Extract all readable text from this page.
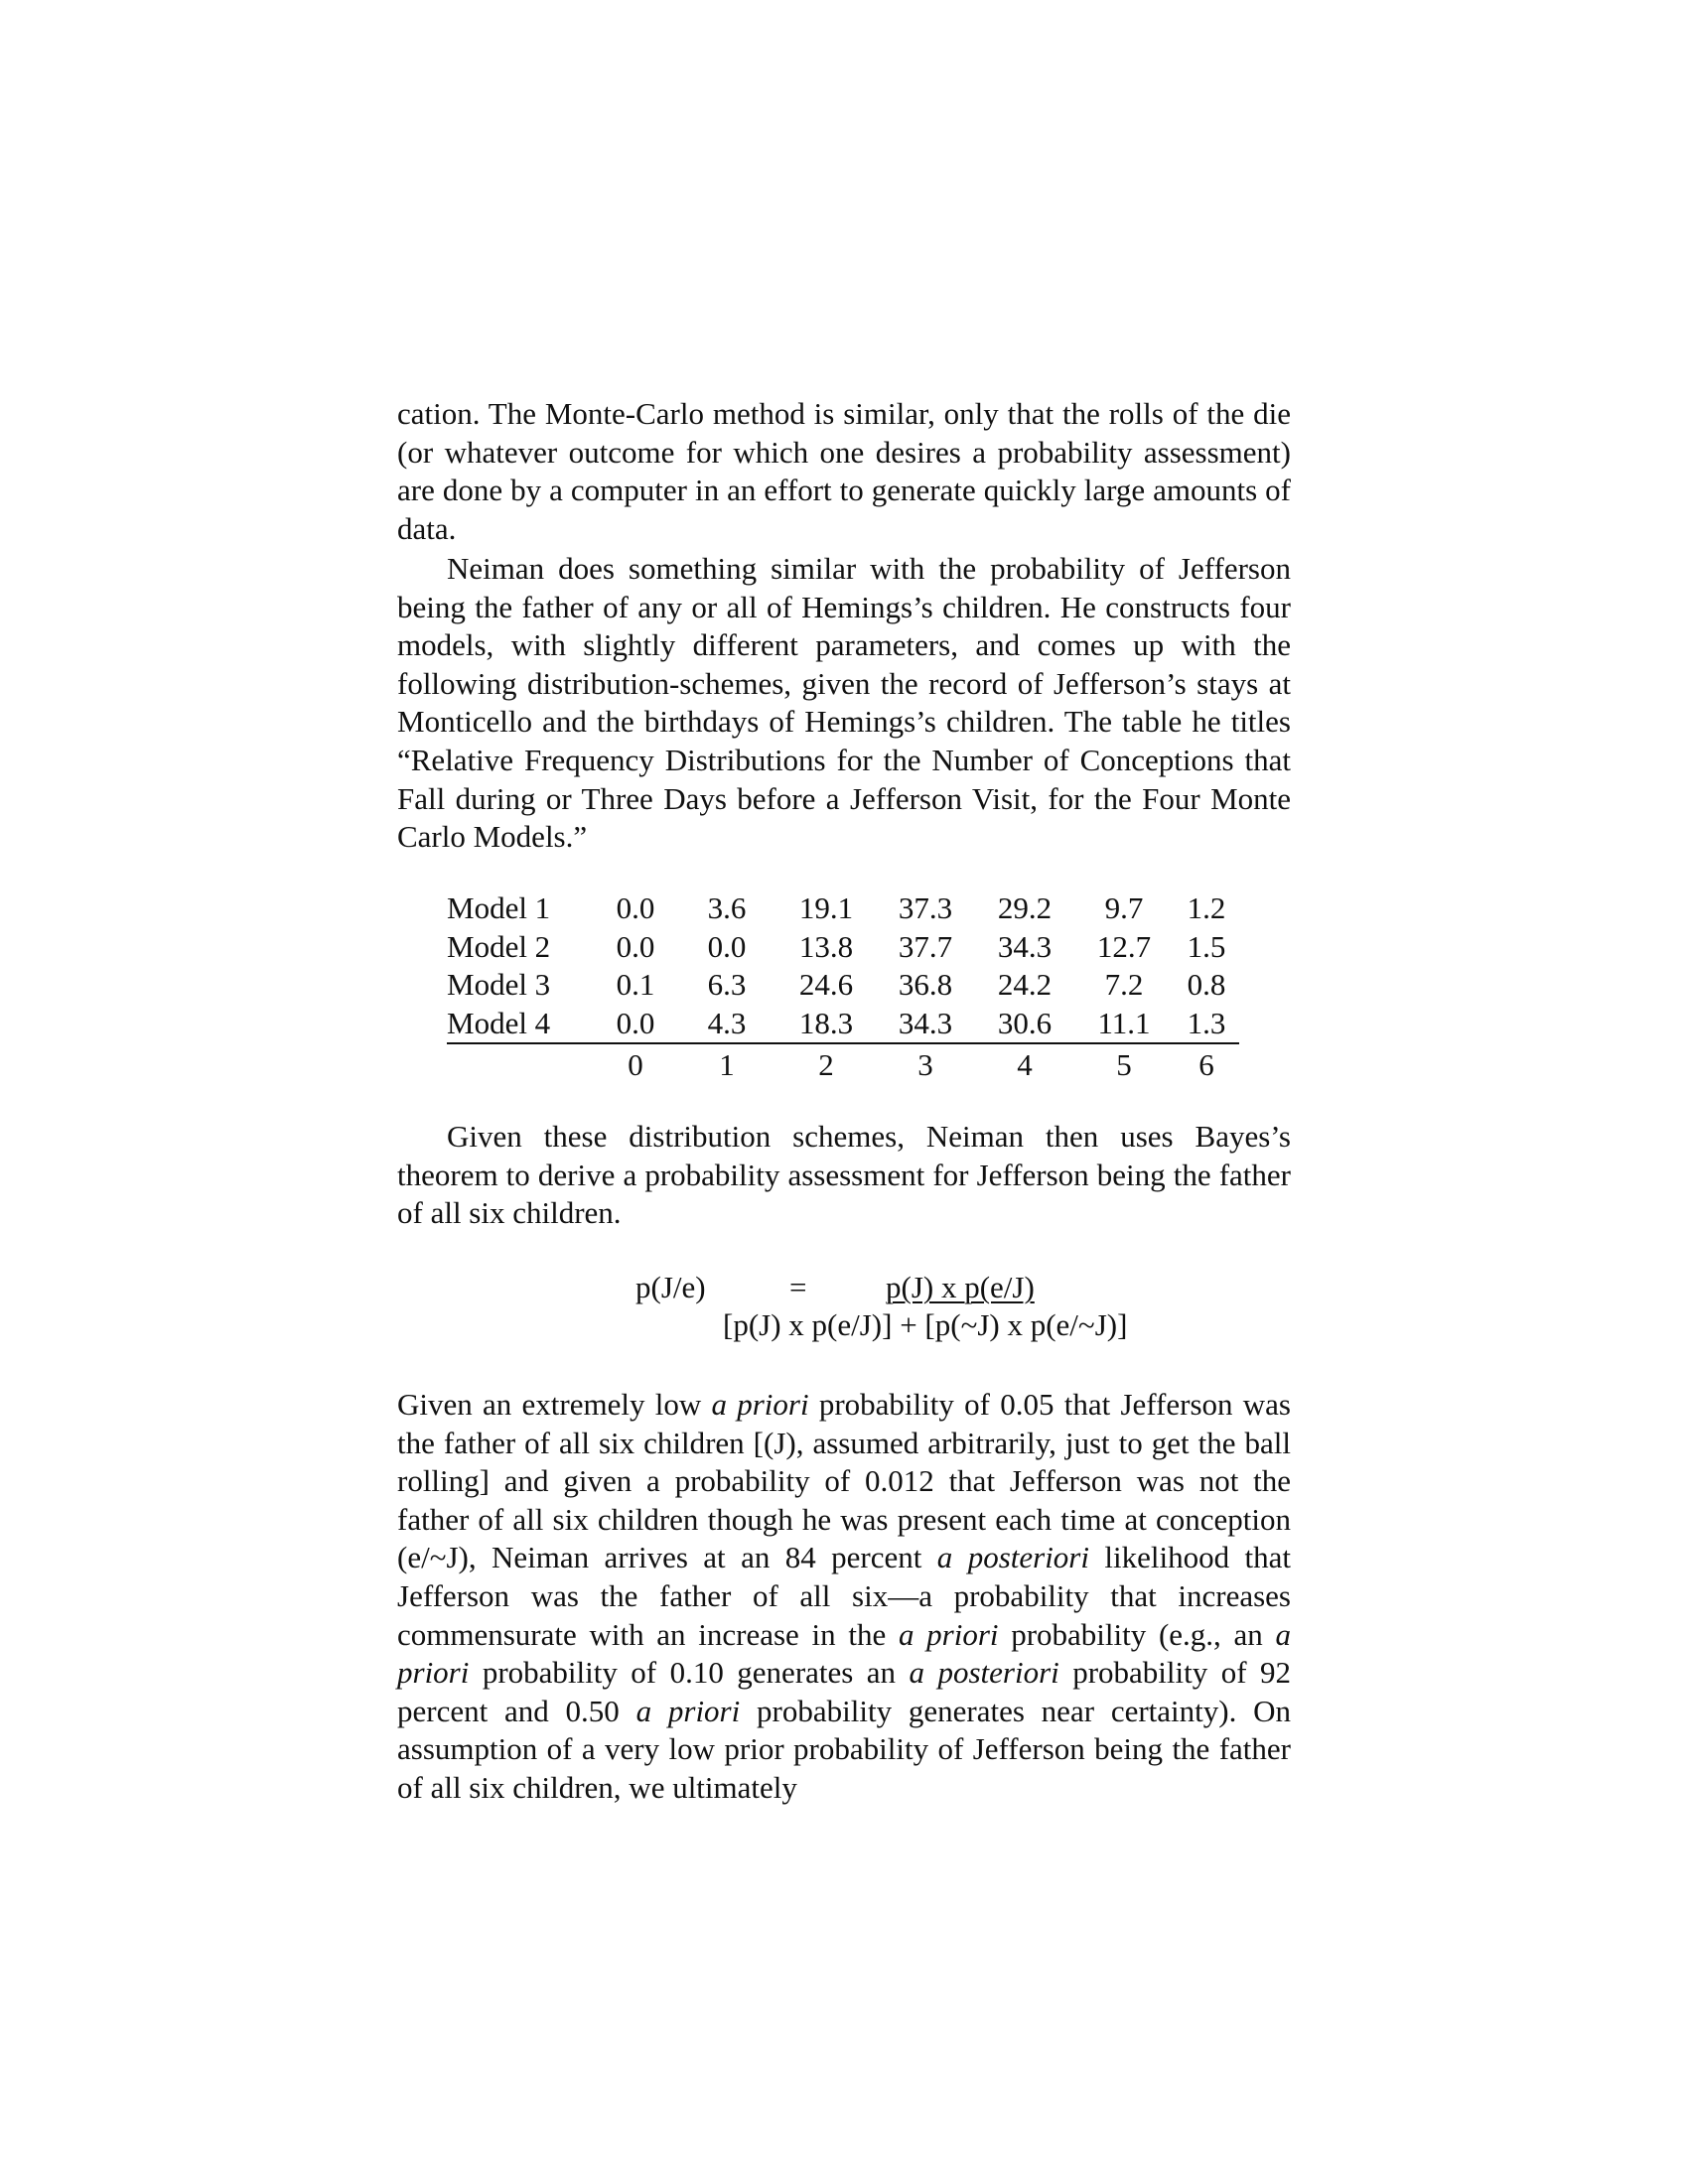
cation. The Monte-Carlo method is similar, only that the rolls of the die (or whatever outcome for which one desires a probability assessment) are done by a computer in an effort to generate quickly large amounts of data.

Neiman does something similar with the probability of Jefferson being the father of any or all of Hemings’s children. He constructs four models, with slightly different parameters, and comes up with the following distribution-schemes, given the record of Jefferson’s stays at Monticello and the birthdays of Hemings’s children. The table he titles “Relative Frequency Distributions for the Number of Conceptions that Fall during or Three Days before a Jefferson Visit, for the Four Monte Carlo Models.”

Model 1	0.0	3.6	19.1	37.3	29.2	9.7	1.2
Model 2	0.0	0.0	13.8	37.7	34.3	12.7	1.5
Model 3	0.1	6.3	24.6	36.8	24.2	7.2	0.8
Model 4	0.0	4.3	18.3	34.3	30.6	11.1	1.3
	0	1	2	3	4	5	6

Given these distribution schemes, Neiman then uses Bayes’s theorem to derive a probability assessment for Jefferson being the father of all six children.

p(J/e)	=	p(J) x p(e/J)
[p(J) x p(e/J)] + [p(~J) x p(e/~J)]

Given an extremely low a priori probability of 0.05 that Jefferson was the father of all six children [(J), assumed arbitrarily, just to get the ball rolling] and given a probability of 0.012 that Jefferson was not the father of all six children though he was present each time at conception (e/~J), Neiman arrives at an 84 percent a posteriori likelihood that Jefferson was the father of all six—a probability that increases commensurate with an increase in the a priori probability (e.g., an a priori probability of 0.10 generates an a posteriori probability of 92 percent and 0.50 a priori probability generates near certainty). On assumption of a very low prior probability of Jefferson being the father of all six children, we ultimately
